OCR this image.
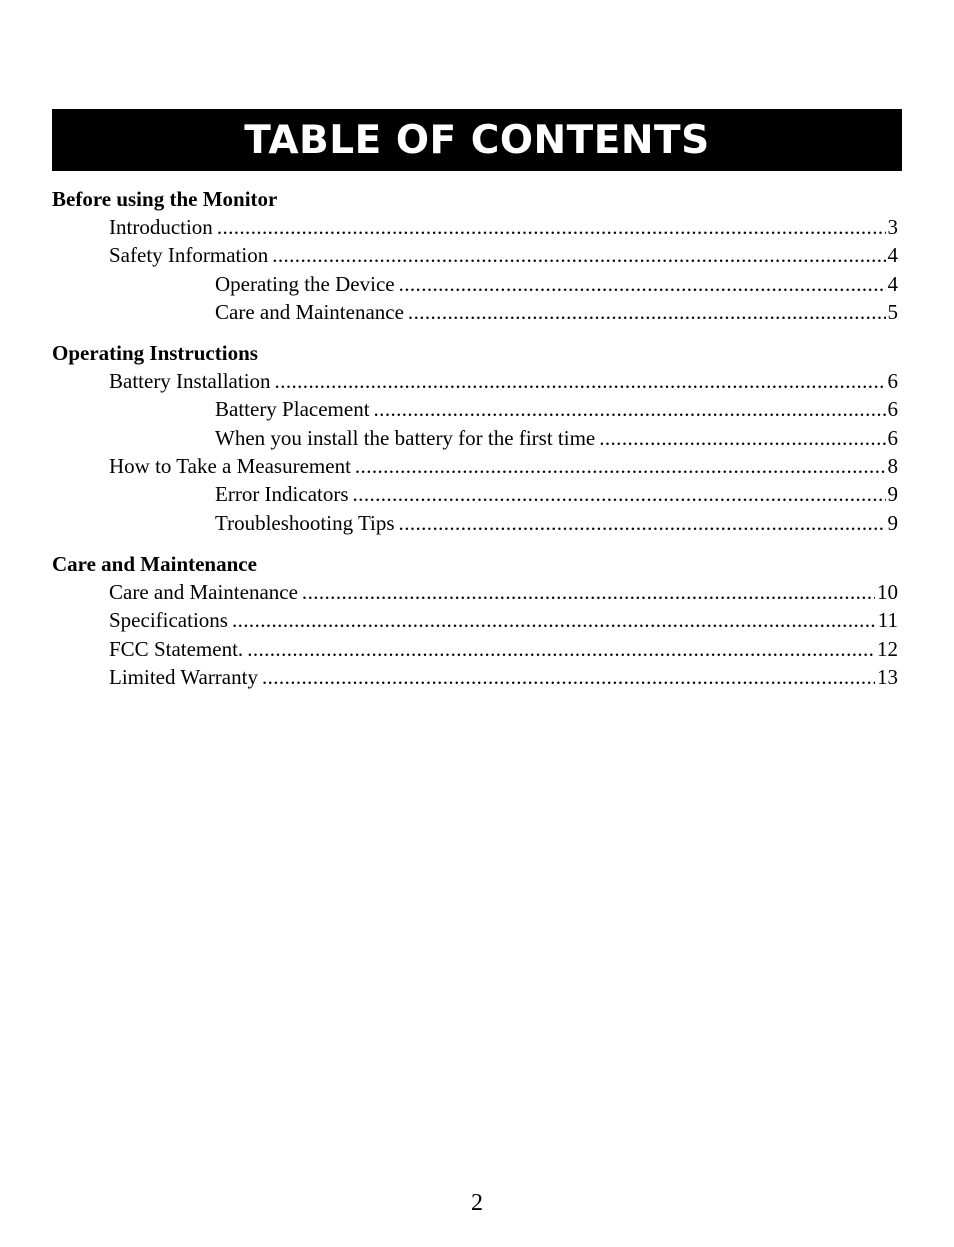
TABLE OF CONTENTS
Before using the Monitor
Introduction .....	3
Safety Information .....	4
Operating the Device .....	4
Care and Maintenance .....	5
Operating Instructions
Battery Installation .....	6
Battery Placement .....	6
When you install the battery for the first time .....	6
How to Take a Measurement .....	8
Error Indicators .....	9
Troubleshooting Tips .....	9
Care and Maintenance
Care and Maintenance .....	10
Specifications .....	11
FCC Statement. .....	12
Limited Warranty .....	13
2
